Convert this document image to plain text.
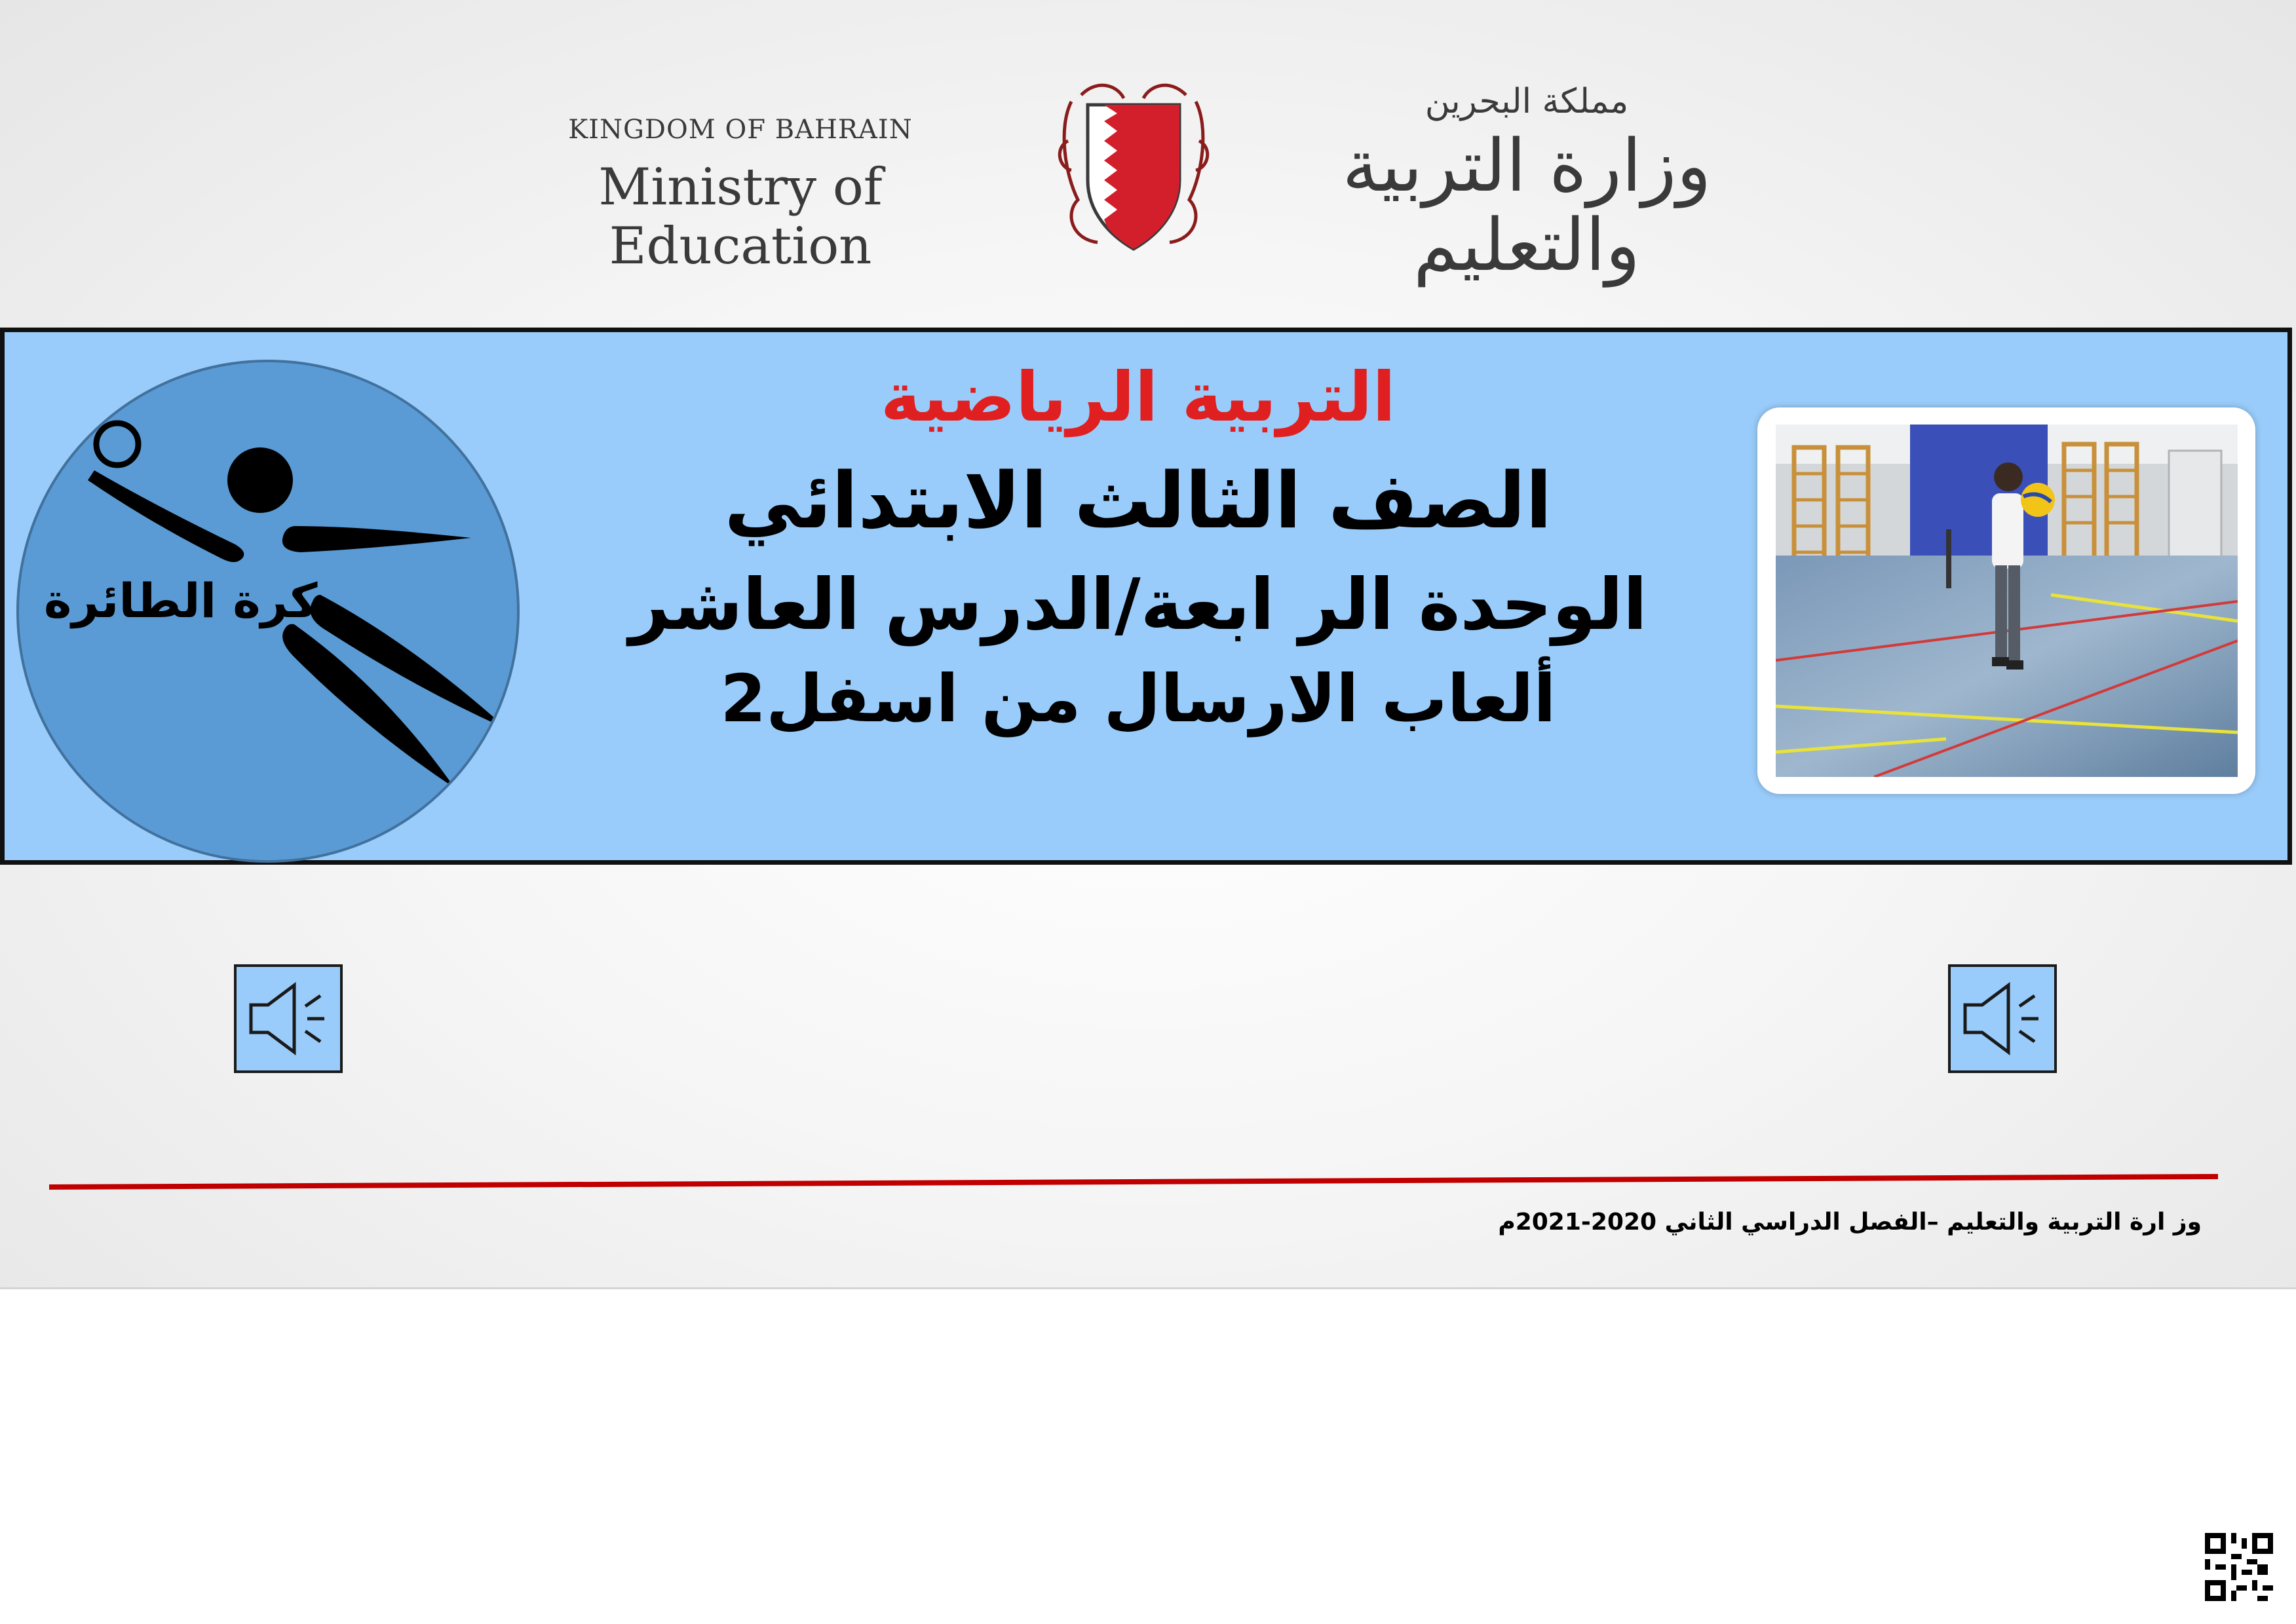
KINGDOM OF BAHRAIN
Ministry of Education
مملكة البحرين
وزارة التربية والتعليم
كرة الطائرة
التربية الرياضية
الصف الثالث الابتدائي
الوحدة الر ابعة/الدرس العاشر
ألعاب الارسال من اسفل2
وز ارة التربية والتعليم –الفصل الدراسي الثاني 2020-2021م
